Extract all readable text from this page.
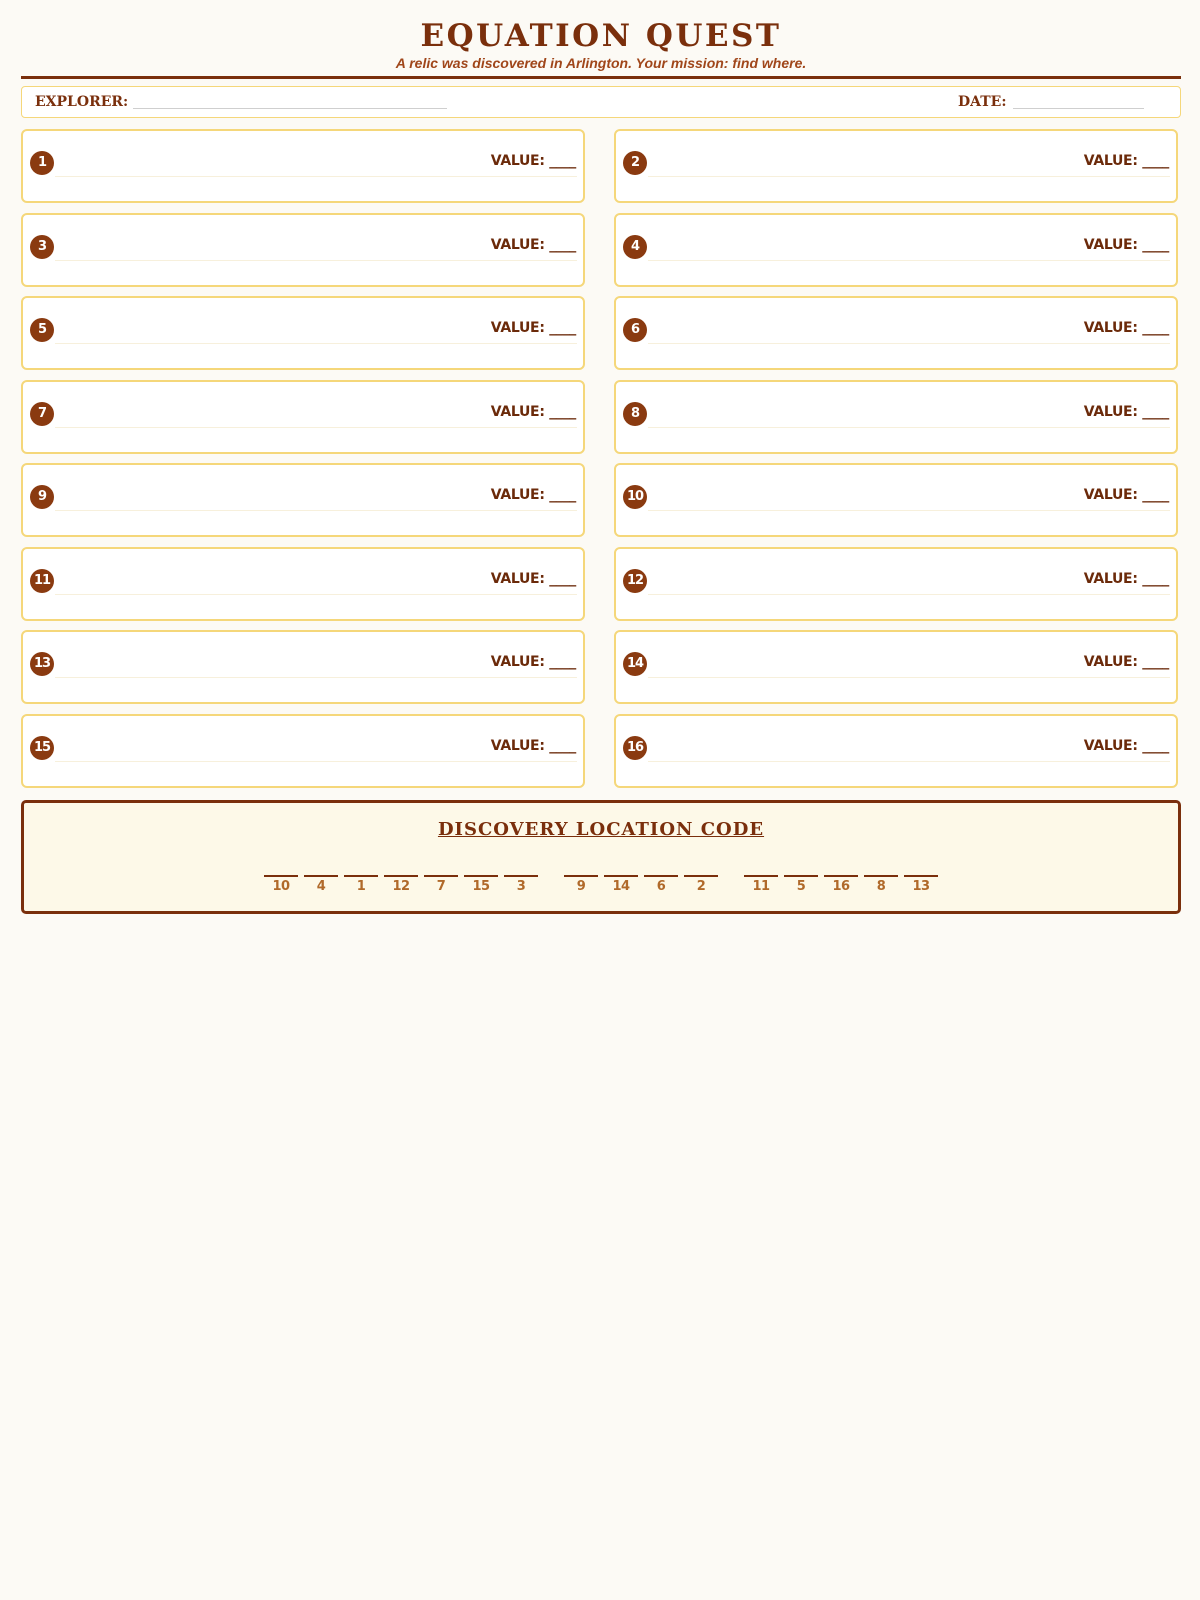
EQUATION QUEST
A relic was discovered in Arlington. Your mission: find where.
EXPLORER:	DATE:
1	VALUE: ____	2	VALUE: ____
3	VALUE: ____	4	VALUE: ____
5	VALUE: ____	6	VALUE: ____
7	VALUE: ____	8	VALUE: ____
9	VALUE: ____	10	VALUE: ____
11	VALUE: ____	12	VALUE: ____
13	VALUE: ____	14	VALUE: ____
15	VALUE: ____	16	VALUE: ____
DISCOVERY LOCATION CODE
10	4	1	12	7	15	3	9	14	6	2	11	5	16	8	13
